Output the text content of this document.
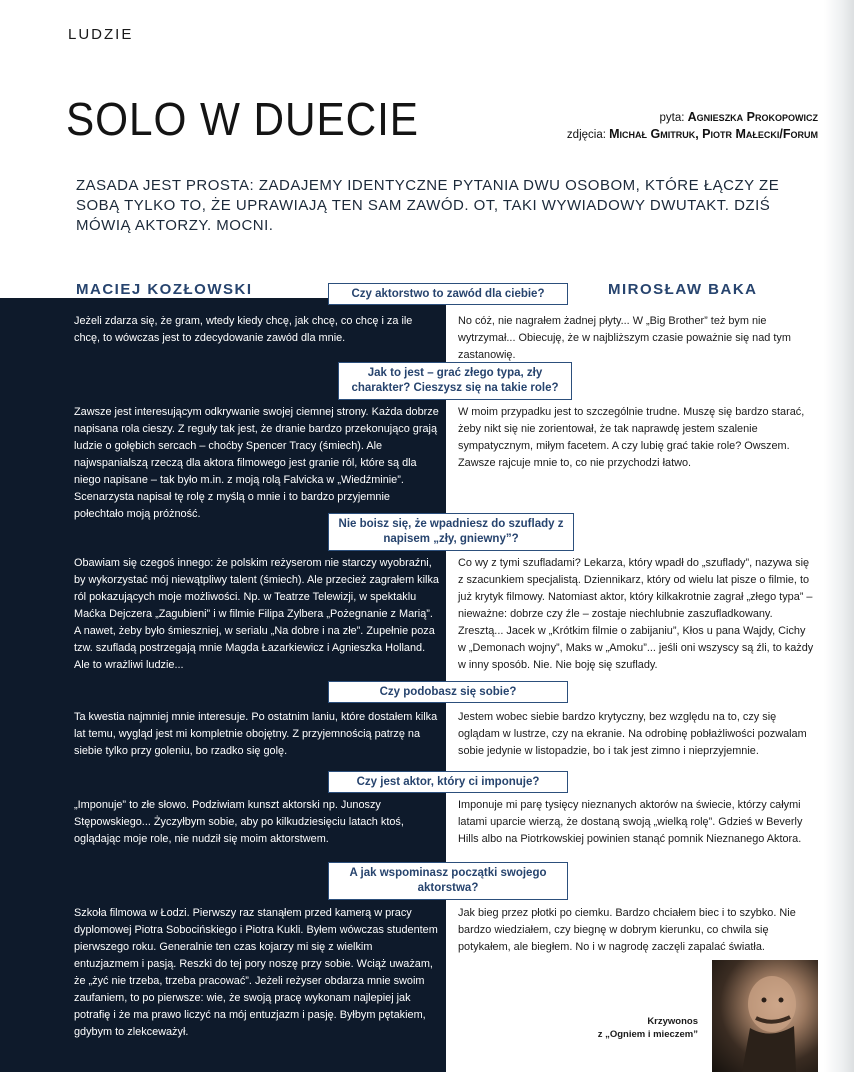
LUDZIE
SOLO W DUECIE	pyta: Agnieszka Prokopowicz
zdjęcia: Michał Gmitruk, Piotr Małecki/Forum
ZASADA JEST PROSTA: ZADAJEMY IDENTYCZNE PYTANIA DWU OSOBOM, KTÓRE ŁĄCZY ZE SOBĄ TYLKO TO, ŻE UPRAWIAJĄ TEN SAM ZAWÓD. OT, TAKI WYWIADOWY DWUTAKT. DZIŚ MÓWIĄ AKTORZY. MOCNI.
MACIEJ KOZŁOWSKI	MIROSŁAW BAKA
Czy aktorstwo to zawód dla ciebie?
Jeżeli zdarza się, że gram, wtedy kiedy chcę, jak chcę, co chcę i za ile chcę, to wówczas jest to zdecydowanie zawód dla mnie.
No cóż, nie nagrałem żadnej płyty... W „Big Brother” też bym nie wytrzymał... Obiecuję, że w najbliższym czasie poważnie się nad tym zastanowię.
Jak to jest – grać złego typa, zły charakter? Cieszysz się na takie role?
Zawsze jest interesującym odkrywanie swojej ciemnej strony. Każda dobrze napisana rola cieszy. Z reguły tak jest, że dranie bardzo przekonująco grają ludzie o gołębich sercach – choćby Spencer Tracy (śmiech). Ale najwspanialszą rzeczą dla aktora filmowego jest granie ról, które są dla niego napisane – tak było m.in. z moją rolą Falvicka w „Wiedźminie”. Scenarzysta napisał tę rolę z myślą o mnie i to bardzo przyjemnie połechtało moją próżność.
W moim przypadku jest to szczególnie trudne. Muszę się bardzo starać, żeby nikt się nie zorientował, że tak naprawdę jestem szalenie sympatycznym, miłym facetem. A czy lubię grać takie role? Owszem. Zawsze rajcuje mnie to, co nie przychodzi łatwo.
Nie boisz się, że wpadniesz do szuflady z napisem „zły, gniewny”?
Obawiam się czegoś innego: że polskim reżyserom nie starczy wyobraźni, by wykorzystać mój niewątpliwy talent (śmiech). Ale przecież zagrałem kilka ról pokazujących moje możliwości. Np. w Teatrze Telewizji, w spektaklu Maćka Dejczera „Zagubieni” i w filmie Filipa Zylbera „Pożegnanie z Marią”. A nawet, żeby było śmieszniej, w serialu „Na dobre i na złe”. Zupełnie poza tzw. szufladą postrzegają mnie Magda Łazarkiewicz i Agnieszka Holland. Ale to wrażliwi ludzie...
Co wy z tymi szufladami? Lekarza, który wpadł do „szuflady”, nazywa się z szacunkiem specjalistą. Dziennikarz, który od wielu lat pisze o filmie, to już krytyk filmowy. Natomiast aktor, który kilkakrotnie zagrał „złego typa” – nieważne: dobrze czy źle – zostaje niechlubnie zaszufladkowany. Zresztą... Jacek w „Krótkim filmie o zabijaniu”, Kłos u pana Wajdy, Cichy w „Demonach wojny”, Maks w „Amoku”... jeśli oni wszyscy są źli, to każdy w inny sposób. Nie. Nie boję się szuflady.
Czy podobasz się sobie?
Ta kwestia najmniej mnie interesuje. Po ostatnim laniu, które dostałem kilka lat temu, wygląd jest mi kompletnie obojętny. Z przyjemnością patrzę na siebie tylko przy goleniu, bo rzadko się golę.
Jestem wobec siebie bardzo krytyczny, bez względu na to, czy się oglądam w lustrze, czy na ekranie. Na odrobinę pobłażliwości pozwalam sobie jedynie w listopadzie, bo i tak jest zimno i nieprzyjemnie.
Czy jest aktor, który ci imponuje?
„Imponuje” to złe słowo. Podziwiam kunszt aktorski np. Junoszy Stępowskiego... Życzyłbym sobie, aby po kilkudziesięciu latach ktoś, oglądając moje role, nie nudził się moim aktorstwem.
Imponuje mi parę tysięcy nieznanych aktorów na świecie, którzy całymi latami uparcie wierzą, że dostaną swoją „wielką rolę”. Gdzieś w Beverly Hills albo na Piotrkowskiej powinien stanąć pomnik Nieznanego Aktora.
A jak wspominasz początki swojego aktorstwa?
Szkoła filmowa w Łodzi. Pierwszy raz stanąłem przed kamerą w pracy dyplomowej Piotra Sobocińskiego i Piotra Kukli. Byłem wówczas studentem pierwszego roku. Generalnie ten czas kojarzy mi się z wielkim entuzjazmem i pasją. Reszki do tej pory noszę przy sobie. Wciąż uważam, że „żyć nie trzeba, trzeba pracować”. Jeżeli reżyser obdarza mnie swoim zaufaniem, to po pierwsze: wie, że swoją pracę wykonam najlepiej jak potrafię i że ma prawo liczyć na mój entuzjazm i pasję. Byłbym pętakiem, gdybym to zlekceważył.
Jak bieg przez płotki po ciemku. Bardzo chciałem biec i to szybko. Nie bardzo wiedziałem, czy biegnę w dobrym kierunku, co chwila się potykałem, ale biegłem. No i w nagrodę zaczęli zapalać światła.
Krzywonos
z „Ogniem i mieczem”
